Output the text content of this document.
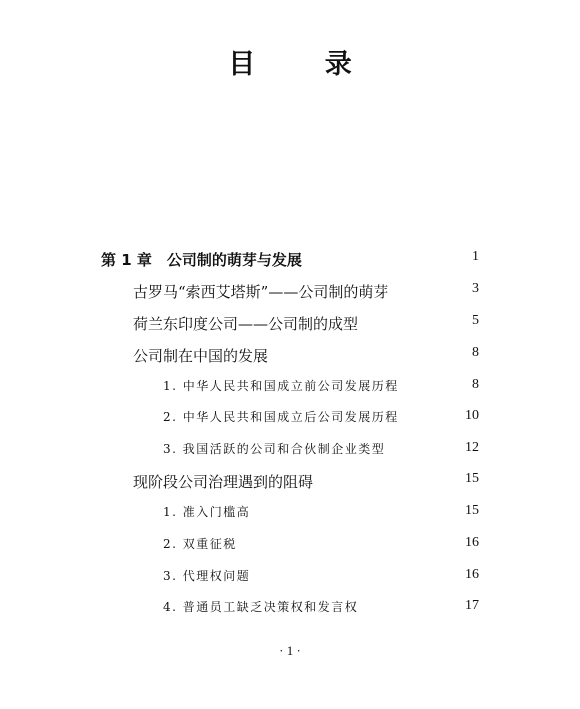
目 录
第 1 章　公司制的萌芽与发展	1
古罗马“索西艾塔斯”——公司制的萌芽	3
荷兰东印度公司——公司制的成型	5
公司制在中国的发展	8
1. 中华人民共和国成立前公司发展历程	8
2. 中华人民共和国成立后公司发展历程	10
3. 我国活跃的公司和合伙制企业类型	12
现阶段公司治理遇到的阻碍	15
1. 准入门槛高	15
2. 双重征税	16
3. 代理权问题	16
4. 普通员工缺乏决策权和发言权	17
· 1 ·
